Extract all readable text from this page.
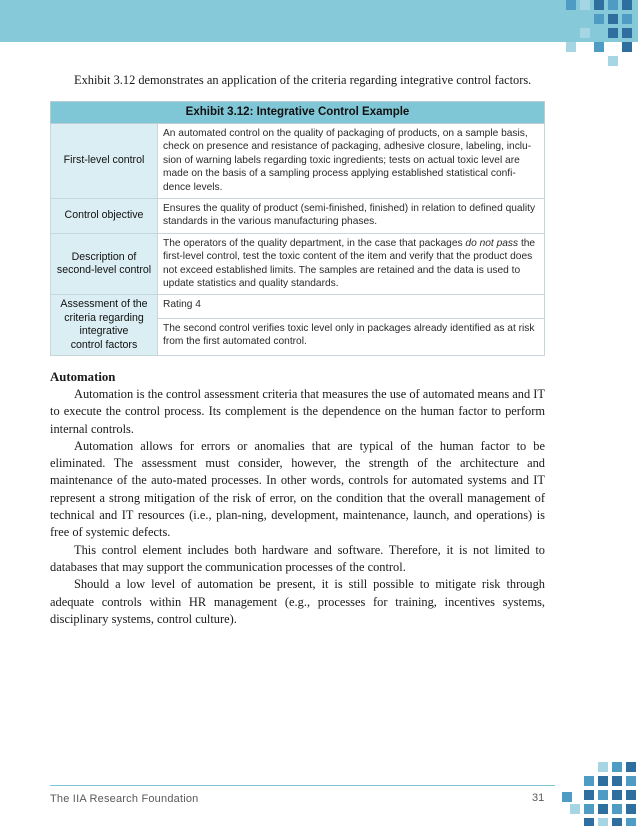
Exhibit 3.12 demonstrates an application of the criteria regarding integrative control factors.
Exhibit 3.12: Integrative Control Example	
First-level control	An automated control on the quality of packaging of products, on a sample basis, check on presence and resistance of packaging, adhesive closure, labeling, inclu-sion of warning labels regarding toxic ingredients; tests on actual toxic level are made on the basis of a sampling process applying established statistical confi-dence levels.
Control objective	Ensures the quality of product (semi-finished, finished) in relation to defined quality standards in the various manufacturing phases.
Description of
second-level control	The operators of the quality department, in the case that packages do not pass the first-level control, test the toxic content of the item and verify that the product does not exceed established limits. The samples are retained and the data is used to update statistics and quality standards.
Assessment of the
criteria regarding
integrative
control factors	Rating 4
	The second control verifies toxic level only in packages already identified as at risk from the first automated control.
Automation

Automation is the control assessment criteria that measures the use of automated means and IT to execute the control process. Its complement is the dependence on the human factor to perform internal controls.

Automation allows for errors or anomalies that are typical of the human factor to be eliminated. The assessment must consider, however, the strength of the architecture and maintenance of the auto-mated processes. In other words, controls for automated systems and IT represent a strong mitigation of the risk of error, on the condition that the overall management of technical and IT resources (i.e., plan-ning, development, maintenance, launch, and operations) is free of systemic defects.

This control element includes both hardware and software. Therefore, it is not limited to databases that may support the communication processes of the control.

Should a low level of automation be present, it is still possible to mitigate risk through adequate controls within HR management (e.g., processes for training, incentives systems, disciplinary systems, control culture).

The IIA Research Foundation	31
